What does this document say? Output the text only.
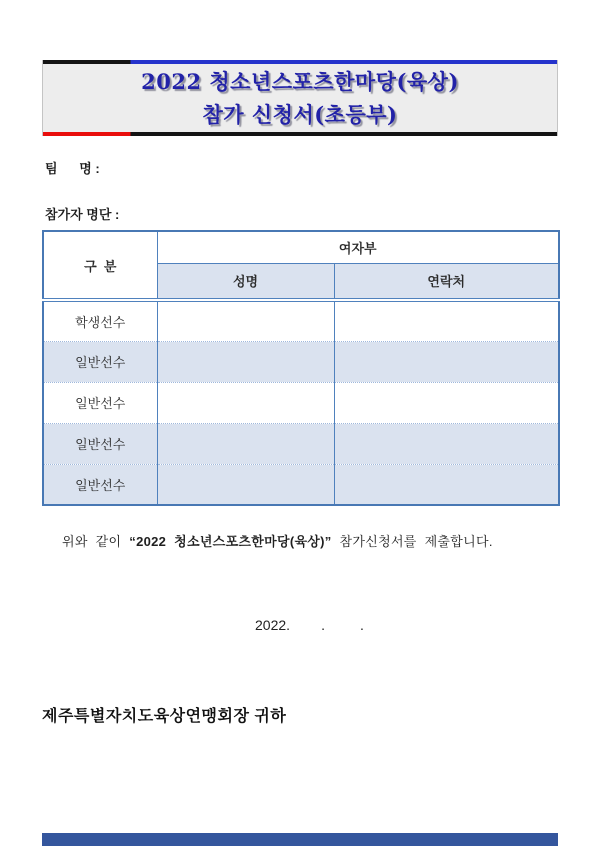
2022 청소년스포츠한마당(육상)
참가 신청서(초등부)
팀      명 :
참가자 명단 :
구  분	여자부	
	성명	연락처
학생선수		
일반선수		
일반선수		
일반선수		
일반선수		

위와 같이 “2022 청소년스포츠한마당(육상)” 참가신청서를 제출합니다.

2022.        .         .
제주특별자치도육상연맹회장 귀하
